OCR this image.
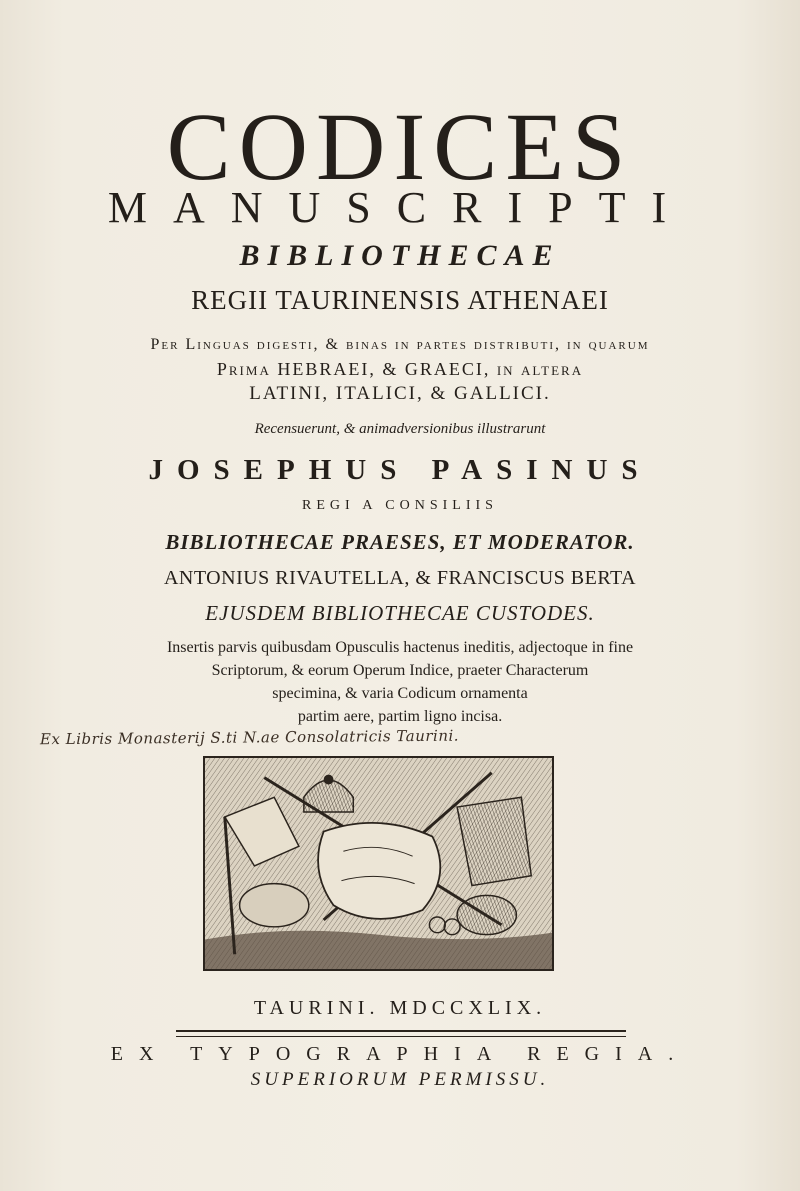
CODICES
MANUSCRIPTI
BIBLIOTHECAE
REGII TAURINENSIS ATHENAEI
Per Linguas digesti, & binas in partes distributi, in quarum
Prima HEBRAEI, & GRAECI, in altera
LATINI, ITALICI, & GALLICI.
Recensuerunt, & animadversionibus illustrarunt
JOSEPHUS PASINUS
REGI A CONSILIIS
BIBLIOTHECAE PRAESES, ET MODERATOR.
ANTONIUS RIVAUTELLA, & FRANCISCUS BERTA
EJUSDEM BIBLIOTHECAE CUSTODES.
Insertis parvis quibusdam Opusculis hactenus ineditis, adjectoque in fine
Scriptorum, & eorum Operum Indice, praeter Characterum
specimina, & varia Codicum ornamenta
partim aere, partim ligno incisa.
Ex Libris Monasterij S.ti N.ae Consolatricis Taurini.
TAURINI. MDCCXLIX.
EX TYPOGRAPHIA REGIA.
SUPERIORUM PERMISSU.
